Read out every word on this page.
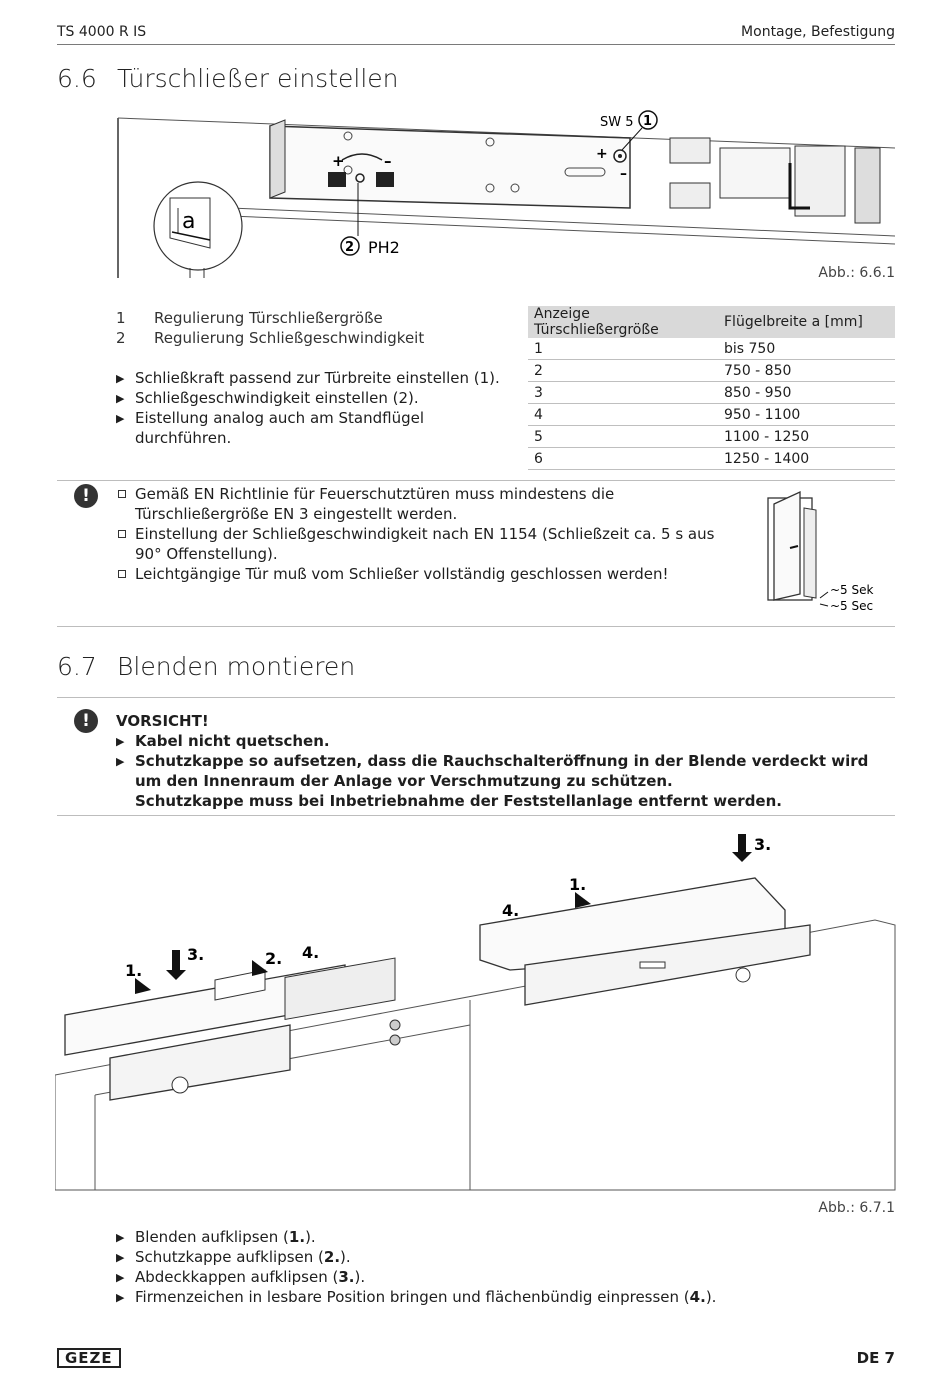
TS 4000 R IS	Montage, Befestigung
6.6 Türschließer einstellen
+	–	+
–
SW 5 1
2 PH2
a
Abb.: 6.6.1
1 Regulierung Türschließergröße
2 Regulierung Schließgeschwindigkeit
▶ Schließkraft passend zur Türbreite einstellen (1).
▶ Schließgeschwindigkeit einstellen (2).
▶ Eistellung analog auch am Standflügel durchführen.
Anzeige Türschließergröße	Flügelbreite a [mm]
1	bis 750
2	750 - 850
3	850 - 950
4	950 - 1100
5	1100 - 1250
6	1250 - 1400
!	Gemäß EN Richtlinie für Feuerschutztüren muss mindestens die Türschließergröße EN 3 eingestellt werden.
Einstellung der Schließgeschwindigkeit nach EN 1154 (Schließzeit ca. 5 s aus 90° Offenstellung).
Leichtgängige Tür muß vom Schließer vollständig geschlossen werden!
~5 Sek
~5 Sec
6.7 Blenden montieren
!	VORSICHT!
▶ Kabel nicht quetschen.
▶ Schutzkappe so aufsetzen, dass die Rauchschalteröffnung in der Blende verdeckt wird um den Innenraum der Anlage vor Verschmutzung zu schützen.
Schutzkappe muss bei Inbetriebnahme der Feststellanlage entfernt werden.
1.
3.	2. 4.
1.
4.
3.
Abb.: 6.7.1
▶ Blenden aufklipsen (1.).
▶ Schutzkappe aufklipsen (2.).
▶ Abdeckkappen aufklipsen (3.).
▶ Firmenzeichen in lesbare Position bringen und flächenbündig einpressen (4.).
GEZE	DE 7
